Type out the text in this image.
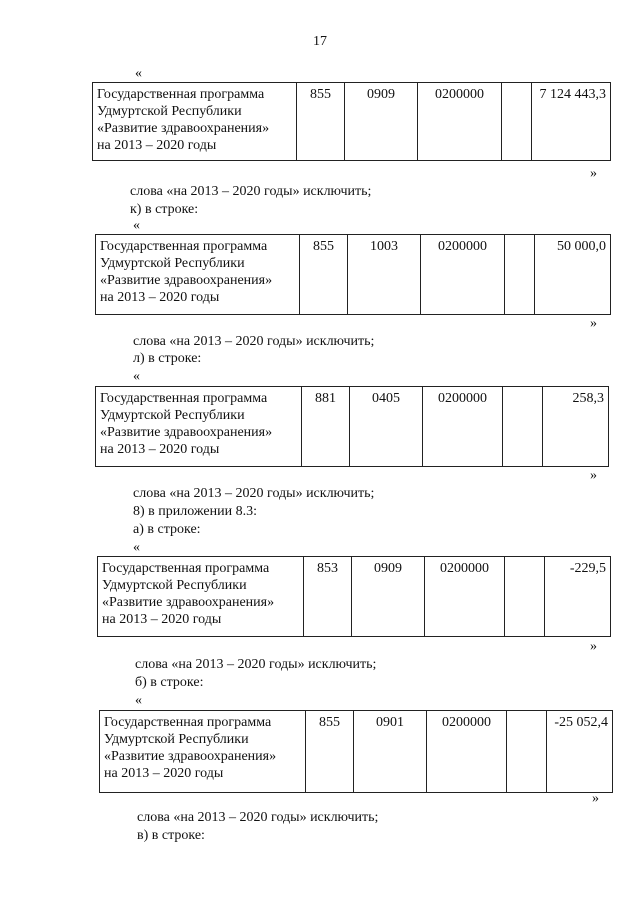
17
«
Государственная программа
Удмуртской Республики
«Развитие здравоохранения»
на 2013 – 2020 годы
	855	0909	0200000		7 124 443,3
»
слова «на 2013 – 2020 годы» исключить;
к) в строке:
«
Государственная программа
Удмуртской Республики
«Развитие здравоохранения»
на 2013 – 2020 годы
	855	1003	0200000		50 000,0
»
слова «на 2013 – 2020 годы» исключить;
л) в строке:
«
Государственная программа
Удмуртской Республики
«Развитие здравоохранения»
на 2013 – 2020 годы
	881	0405	0200000		258,3
»
слова «на 2013 – 2020 годы» исключить;
8) в приложении 8.3:
а) в строке:
«
Государственная программа
Удмуртской Республики
«Развитие здравоохранения»
на 2013 – 2020 годы
	853	0909	0200000		-229,5
»
слова «на 2013 – 2020 годы» исключить;
б) в строке:
«
Государственная программа
Удмуртской Республики
«Развитие здравоохранения»
на 2013 – 2020 годы
	855	0901	0200000		-25 052,4
»
слова «на 2013 – 2020 годы» исключить;
в) в строке:
